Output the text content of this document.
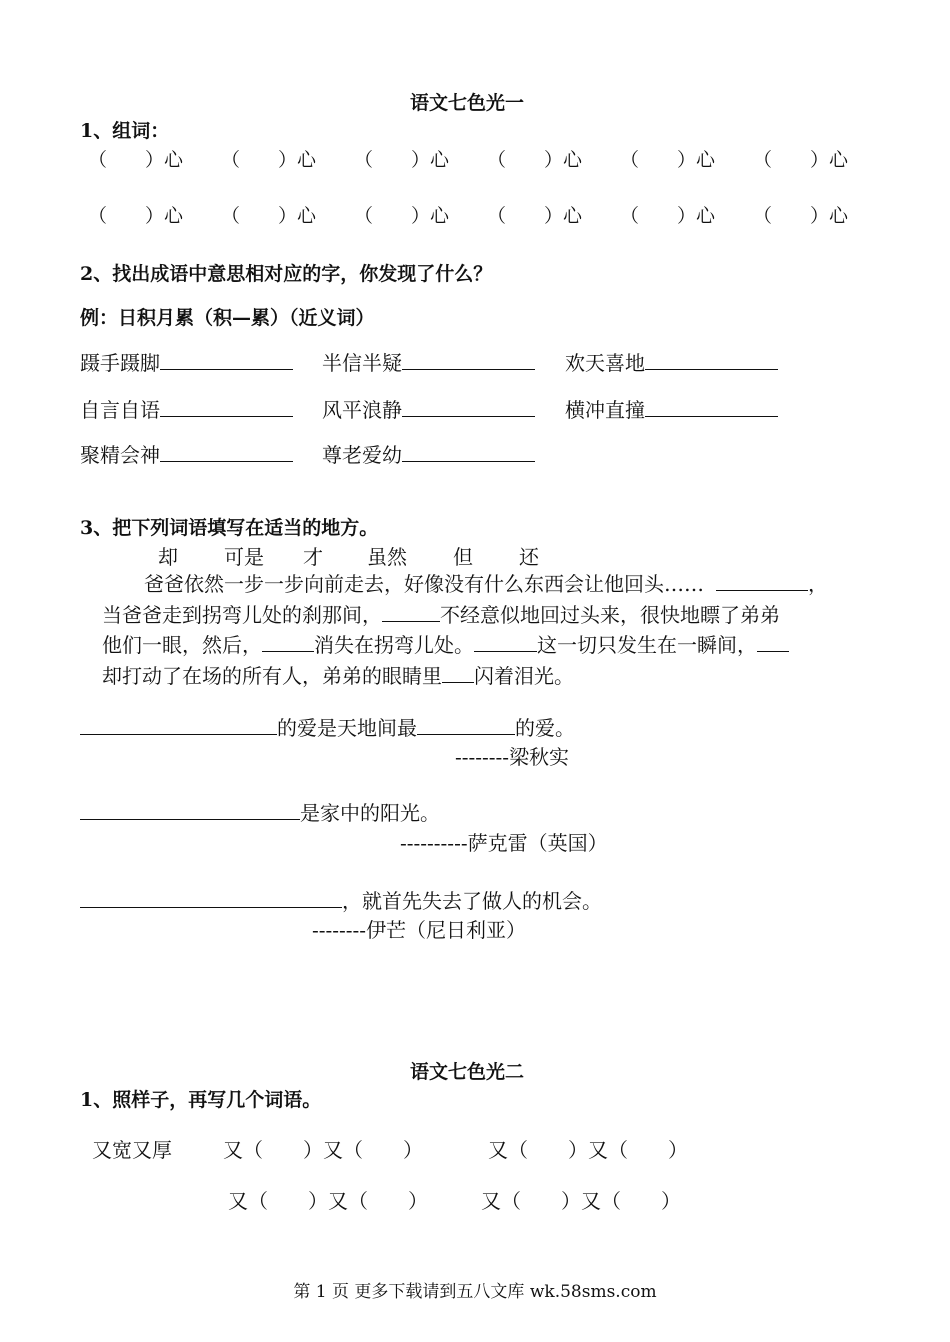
语文七色光一
1、组词：
（　　）心	（　　）心	（　　）心	（　　）心	（　　）心	（　　）心
（　　）心	（　　）心	（　　）心	（　　）心	（　　）心	（　　）心
2、找出成语中意思相对应的字，你发现了什么？
例：日积月累（积—累）（近义词）
蹑手蹑脚	半信半疑	欢天喜地
自言自语	风平浪静	横冲直撞
聚精会神	尊老爱幼
3、把下列词语填写在适当的地方。
却 可是 才 虽然 但 还
爸爸依然一步一步向前走去，好像没有什么东西会让他回头……	，
当爸爸走到拐弯儿处的刹那间，	不经意似地回过头来，很快地瞟了弟弟
他们一眼，然后，	消失在拐弯儿处。	这一切只发生在一瞬间，
却打动了在场的所有人，弟弟的眼睛里 闪着泪光。
的爱是天地间最	的爱。
--------梁秋实
是家中的阳光。
----------萨克雷（英国）
，就首先失去了做人的机会。
--------伊芒（尼日利亚）
语文七色光二
1、照样子，再写几个词语。
又宽又厚	又（　　）又（　　）	又（　　）又（　　）
又（　　）又（　　）	又（　　）又（　　）
第 1 页 更多下载请到五八文库 wk.58sms.com
